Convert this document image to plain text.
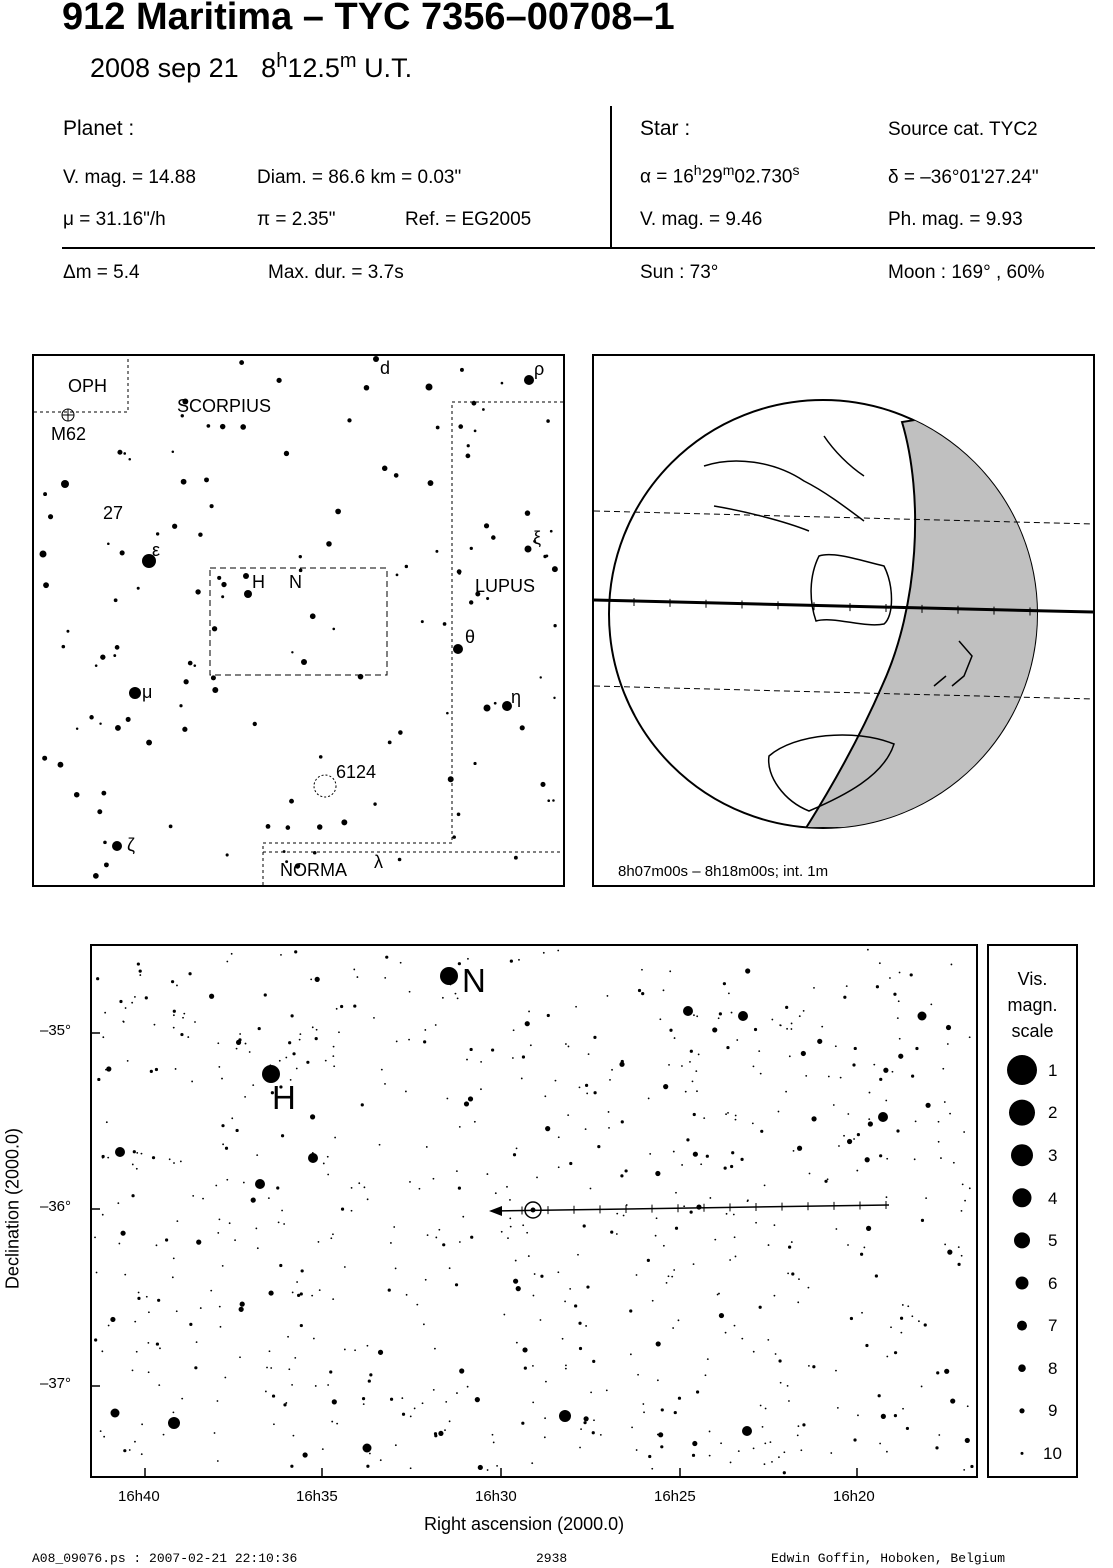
912 Maritima – TYC 7356–00708–1
2008 sep 21 8$^h$12.5$^m$ U.T.
Planet :
V. mag. = 14.88	Diam. = 86.6 km = 0.03"
μ = 31.16"/h	π = 2.35"	Ref. = EG2005
Star :	Source cat. TYC2
$\alpha = 16^h29^m02.730^s$	δ = –36°01'27.24"
V. mag. = 9.46	Ph. mag. = 9.93
Δm = 5.4	Max. dur. = 3.7s	Sun : 73°	Moon : 169° , 60%
OPH
SCORPIUS
LUPUS
NORMA
M62
27
d	ρ
ξ
ε
H N
θ
η
μ
6124
ζ
λ	8h07m00s – 8h18m00s; int. 1m
N
H
–35°
–36°
–37°
16h40	16h35	16h30	16h25	16h20
Right ascension (2000.0)
Declination (2000.0)
Vis.
magn.
scale
1
2
3
4
5
6
7
8
9
10
A08_09076.ps : 2007-02-21 22:10:36	2938	Edwin Goffin, Hoboken, Belgium
